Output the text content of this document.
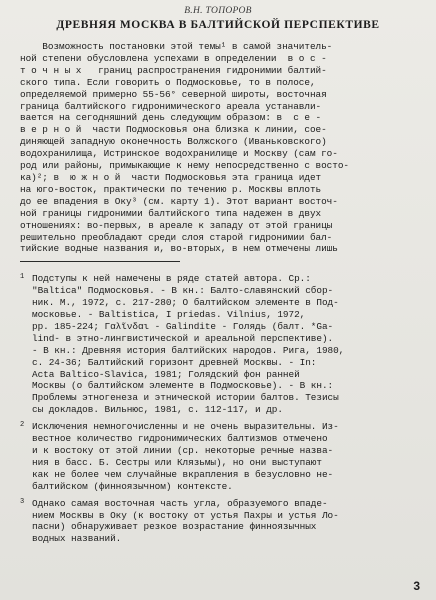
В.Н. ТОПОРОВ
ДРЕВНЯЯ МОСКВА В БАЛТИЙСКОЙ ПЕРСПЕКТИВЕ
Возможность постановки этой темы¹ в самой значитель-
ной степени обусловлена успехами в определении  в о с -
т о ч н ы х   границ распространения гидронимии балтий-
ского типа. Если говорить о Подмосковье, то в полосе,
определяемой примерно 55-56° северной широты, восточная
граница балтийского гидронимического ареала устанавли-
вается на сегодняшний день следующим образом: в  с е -
в е р н о й  части Подмосковья она близка к линии, сое-
диняющей западную оконечность Волжского (Иваньковского)
водохранилища, Истринское водохранилище и Москву (сам го-
род или районы, примыкающие к нему непосредственно с восто-
ка)²; в  ю ж н о й  части Подмосковья эта граница идет
на юго-восток, практически по течению р. Москвы вплоть
до ее впадения в Оку³ (см. карту 1). Этот вариант восточ-
ной границы гидронимии балтийского типа надежен в двух
отношениях: во-первых, в ареале к западу от этой границы
решительно преобладают среди слоя старой гидронимии бал-
тийские водные названия и, во-вторых, в нем отмечены лишь
1 Подступы к ней намечены в ряде статей автора. Ср.:
"Baltica" Подмосковья. - В кн.: Балто-славянский сбор-
ник. М., 1972, с. 217-280; О балтийском элементе в Под-
московье. - Baltistica, I priedas. Vilnius, 1972,
pp. 185-224; Γαλῖνδαι - Galindite - Голядь (балт. *Ga-
lind- в этно-лингвистической и ареальной перспективе).
- В кн.: Древняя история балтийских народов. Рига, 1980,
с. 24-36; Балтийский горизонт древней Москвы. - In:
Acta Baltico-Slavica, 1981; Голядский фон ранней
Москвы (о балтийском элементе в Подмосковье). - В кн.:
Проблемы этногенеза и этнической истории балтов. Тезисы
сы докладов. Вильнюс, 1981, с. 112-117, и др.
2 Исключения немногочисленны и не очень выразительны. Из-
вестное количество гидронимических балтизмов отмечено
и к востоку от этой линии (ср. некоторые речные назва-
ния в басс. Б. Сестры или Клязьмы), но они выступают
как не более чем случайные вкрапления в безусловно не-
балтийском (финноязычном) контексте.
3 Однако самая восточная часть угла, образуемого впаде-
нием Москвы в Оку (к востоку от устья Пахры и устья Ло-
пасни) обнаруживает резкое возрастание финноязычных
водных названий.
3
